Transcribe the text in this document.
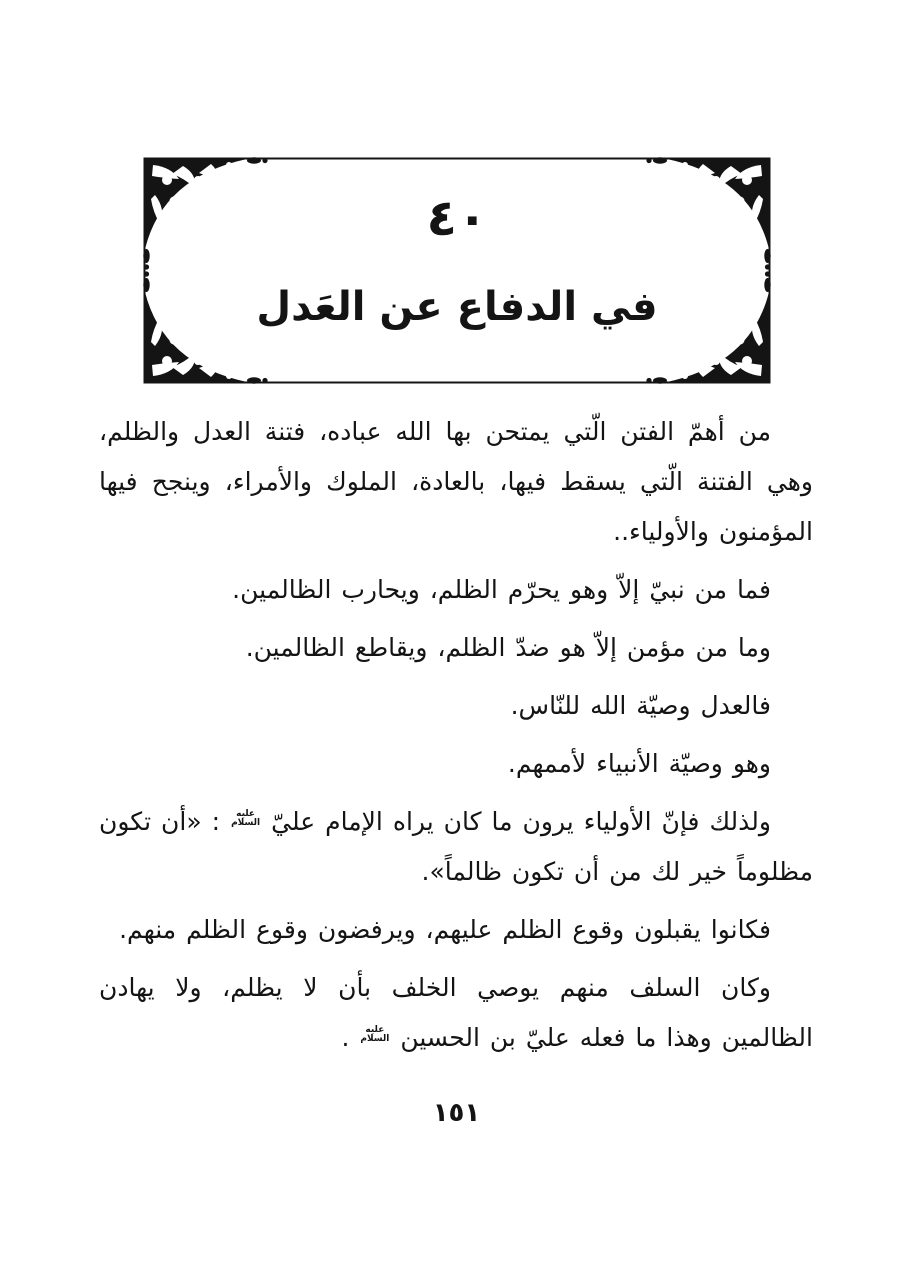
٤٠
في الدفاع عن العَدل

من أهمّ الفتن الّتي يمتحن بها الله عباده، فتنة العدل والظلم، وهي الفتنة الّتي يسقط فيها، بالعادة، الملوك والأمراء، وينجح فيها المؤمنون والأولياء..

فما من نبيّ إلاّ وهو يحرّم الظلم، ويحارب الظالمين.

وما من مؤمن إلاّ هو ضدّ الظلم، ويقاطع الظالمين.

فالعدل وصيّة الله للنّاس.

وهو وصيّة الأنبياء لأممهم.

ولذلك فإنّ الأولياء يرون ما كان يراه الإمام عليّ
عليه
السلام
: «أن تكون مظلوماً خير لك من أن تكون ظالماً».

فكانوا يقبلون وقوع الظلم عليهم، ويرفضون وقوع الظلم منهم.

وكان السلف منهم يوصي الخلف بأن لا يظلم، ولا يهادن الظالمين وهذا ما فعله عليّ بن الحسين
عليه
السلام
.

١٥١
